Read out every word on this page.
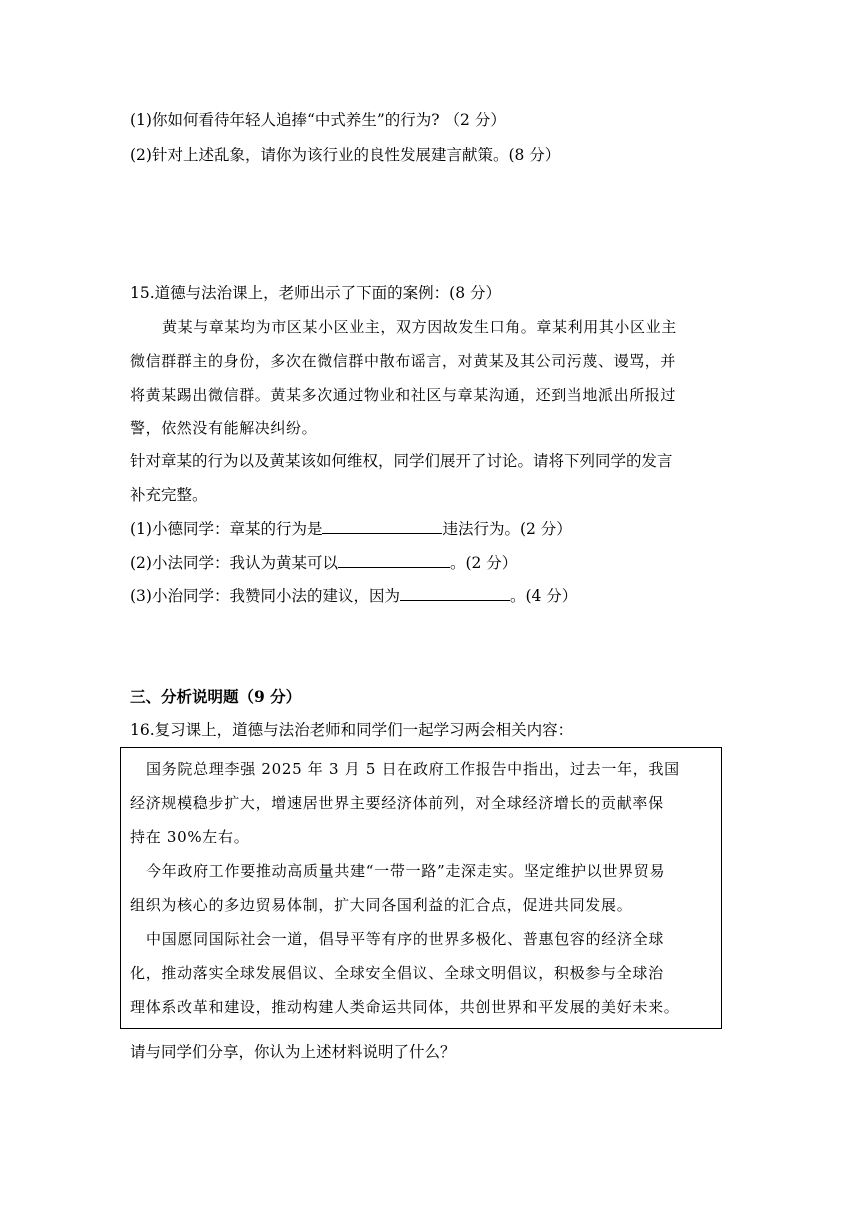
(1)你如何看待年轻人追捧“中式养生”的行为? （2 分）
(2)针对上述乱象，请你为该行业的良性发展建言献策。(8 分）
15.道德与法治课上，老师出示了下面的案例：(8 分）
黄某与章某均为市区某小区业主，双方因故发生口角。章某利用其小区业主
微信群群主的身份，多次在微信群中散布谣言，对黄某及其公司污蔑、谩骂，并
将黄某踢出微信群。黄某多次通过物业和社区与章某沟通，还到当地派出所报过
警，依然没有能解决纠纷。
针对章某的行为以及黄某该如何维权，同学们展开了讨论。请将下列同学的发言
补充完整。
(1)小德同学：章某的行为是	违法行为。(2 分）
(2)小法同学：我认为黄某可以	。(2 分）
(3)小治同学：我赞同小法的建议，因为	。(4 分）
三、分析说明题（9 分）
16.复习课上，道德与法治老师和同学们一起学习两会相关内容：
国务院总理李强 2025 年 3 月 5 日在政府工作报告中指出，过去一年，我国
经济规模稳步扩大，增速居世界主要经济体前列，对全球经济增长的贡献率保
持在 30%左右。
今年政府工作要推动高质量共建“一带一路”走深走实。坚定维护以世界贸易
组织为核心的多边贸易体制，扩大同各国利益的汇合点，促进共同发展。
中国愿同国际社会一道，倡导平等有序的世界多极化、普惠包容的经济全球
化，推动落实全球发展倡议、全球安全倡议、全球文明倡议，积极参与全球治
理体系改革和建设，推动构建人类命运共同体，共创世界和平发展的美好未来。
请与同学们分享，你认为上述材料说明了什么？
